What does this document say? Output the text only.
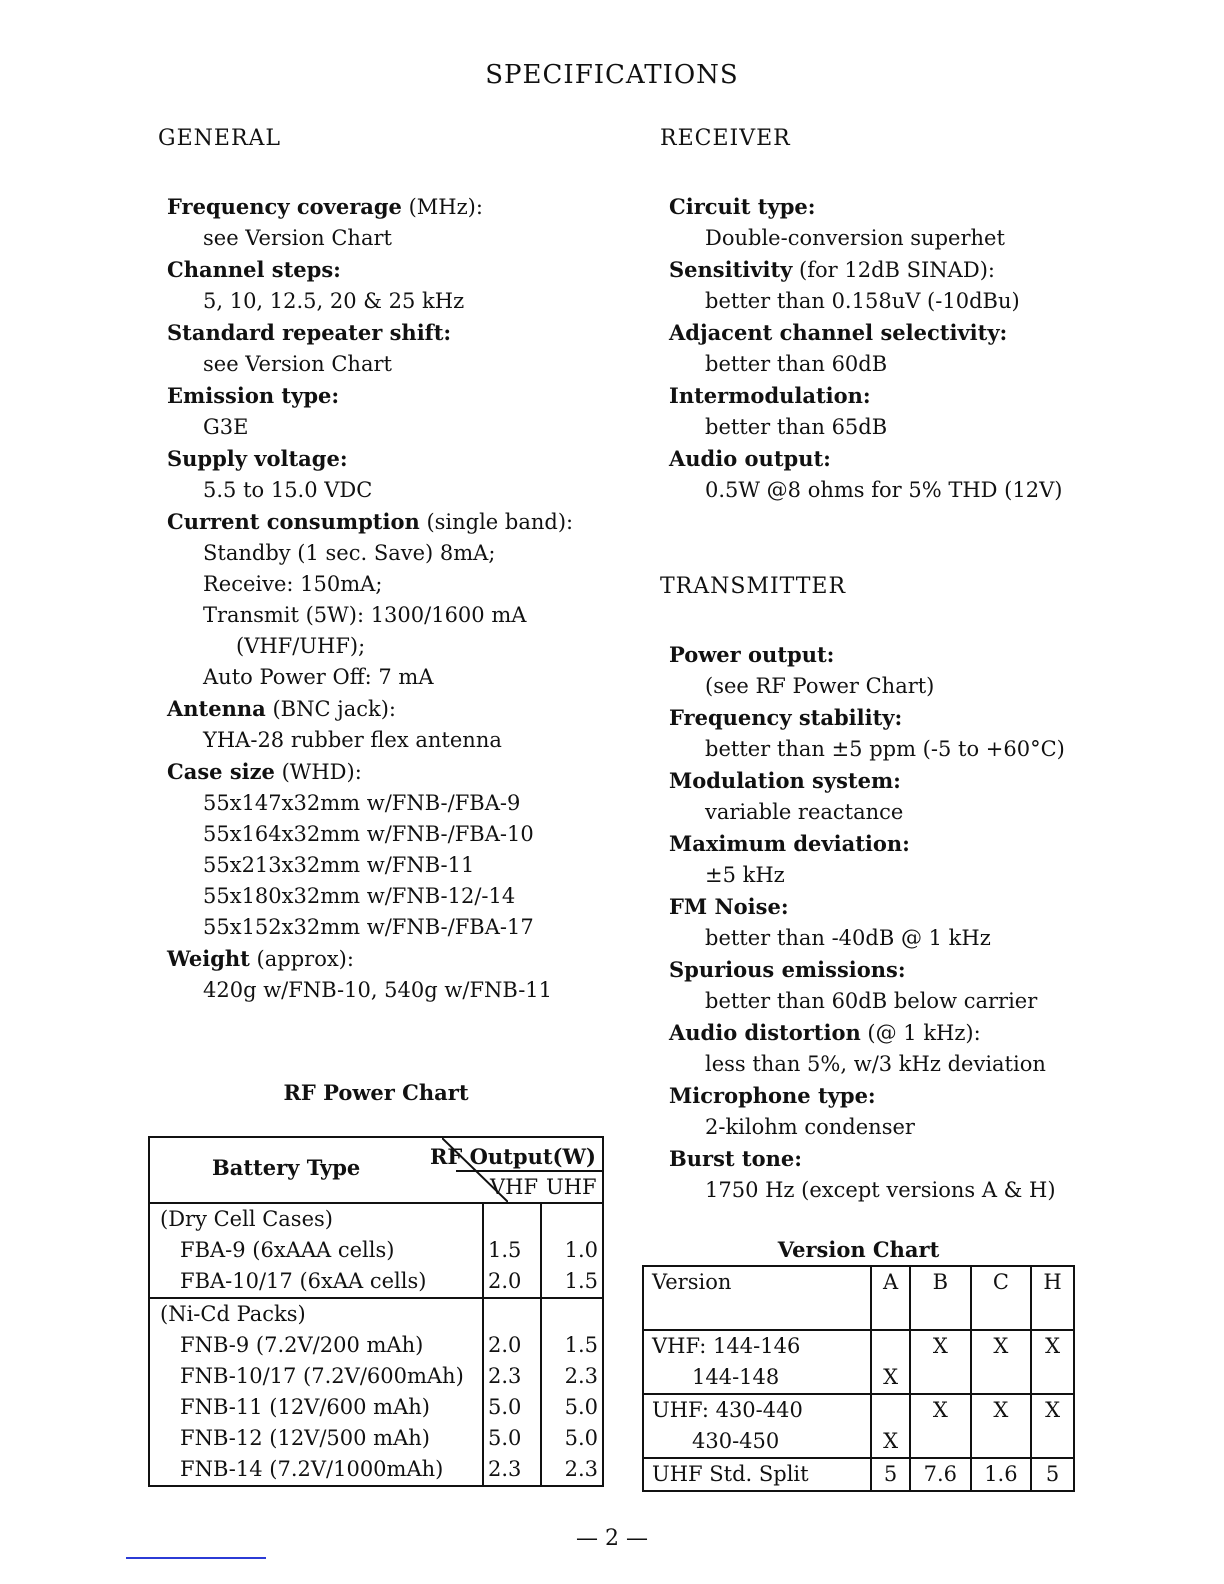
SPECIFICATIONS
GENERAL
Frequency coverage (MHz):
see Version Chart
Channel steps:
5, 10, 12.5, 20 & 25 kHz
Standard repeater shift:
see Version Chart
Emission type:
G3E
Supply voltage:
5.5 to 15.0 VDC
Current consumption (single band):
Standby (1 sec. Save) 8mA;
Receive: 150mA;
Transmit (5W): 1300/1600 mA
(VHF/UHF);
Auto Power Off: 7 mA
Antenna (BNC jack):
YHA-28 rubber flex antenna
Case size (WHD):
55x147x32mm w/FNB-/FBA-9
55x164x32mm w/FNB-/FBA-10
55x213x32mm w/FNB-11
55x180x32mm w/FNB-12/-14
55x152x32mm w/FNB-/FBA-17
Weight (approx):
420g w/FNB-10, 540g w/FNB-11
RECEIVER
Circuit type:
Double-conversion superhet
Sensitivity (for 12dB SINAD):
better than 0.158uV (-10dBu)
Adjacent channel selectivity:
better than 60dB
Intermodulation:
better than 65dB
Audio output:
0.5W @8 ohms for 5% THD (12V)
TRANSMITTER
Power output:
(see RF Power Chart)
Frequency stability:
better than ±5 ppm (-5 to +60°C)
Modulation system:
variable reactance
Maximum deviation:
±5 kHz
FM Noise:
better than -40dB @ 1 kHz
Spurious emissions:
better than 60dB below carrier
Audio distortion (@ 1 kHz):
less than 5%, w/3 kHz deviation
Microphone type:
2-kilohm condenser
Burst tone:
1750 Hz (except versions A & H)
RF Power Chart
Battery Type RF Output(W)
VHF UHF		

(Dry Cell Cases)		
FBA-9 (6xAAA cells)	1.5	1.0
FBA-10/17 (6xAA cells)	2.0	1.5
(Ni-Cd Packs)		
FNB-9 (7.2V/200 mAh)	2.0	1.5
FNB-10/17 (7.2V/600mAh)	2.3	2.3
FNB-11 (12V/600 mAh)	5.0	5.0
FNB-12 (12V/500 mAh)	5.0	5.0
FNB-14 (7.2V/1000mAh)	2.3	2.3
Version Chart
Version	A	B	C	H
VHF: 144-146		X	X	X
144-148	X			
UHF: 430-440		X	X	X
430-450	X			
UHF Std. Split	5	7.6	1.6	5
— 2 —
